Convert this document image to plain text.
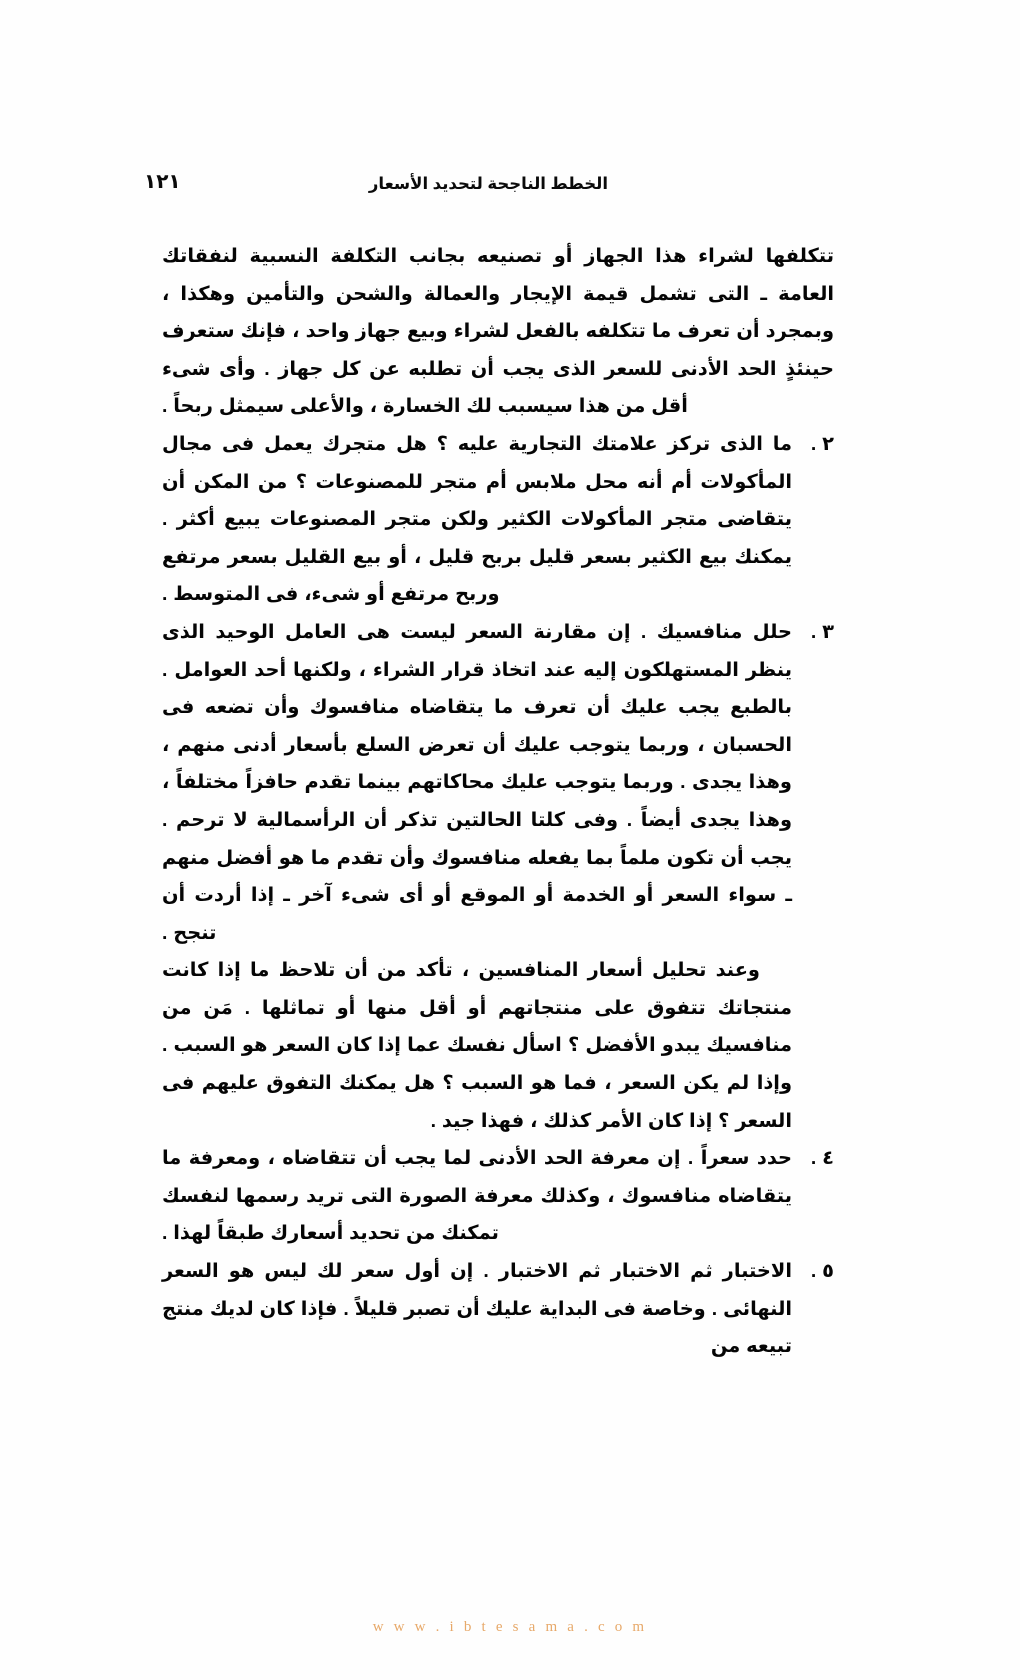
١٢١	الخطط الناجحة لتحديد الأسعار

تتكلفها لشراء هذا الجهاز أو تصنيعه بجانب التكلفة النسبية لنفقاتك العامة ـ التى تشمل قيمة الإيجار والعمالة والشحن والتأمين وهكذا ، وبمجرد أن تعرف ما تتكلفه بالفعل لشراء وبيع جهاز واحد ، فإنك ستعرف حينئذٍ الحد الأدنى للسعر الذى يجب أن تطلبه عن كل جهاز . وأى شىء أقل من هذا سيسبب لك الخسارة ، والأعلى سيمثل ربحاً .

٢ .
ما الذى تركز علامتك التجارية عليه ؟ هل متجرك يعمل فى مجال المأكولات أم أنه محل ملابس أم متجر للمصنوعات ؟ من المكن أن يتقاضى متجر المأكولات الكثير ولكن متجر المصنوعات يبيع أكثر . يمكنك بيع الكثير بسعر قليل بربح قليل ، أو بيع القليل بسعر مرتفع وربح مرتفع أو شىء، فى المتوسط .
٣ .
حلل منافسيك . إن مقارنة السعر ليست هى العامل الوحيد الذى ينظر المستهلكون إليه عند اتخاذ قرار الشراء ، ولكنها أحد العوامل . بالطبع يجب عليك أن تعرف ما يتقاضاه منافسوك وأن تضعه فى الحسبان ، وربما يتوجب عليك أن تعرض السلع بأسعار أدنى منهم ، وهذا يجدى . وربما يتوجب عليك محاكاتهم بينما تقدم حافزاً مختلفاً ، وهذا يجدى أيضاً . وفى كلتا الحالتين تذكر أن الرأسمالية لا ترحم . يجب أن تكون ملماً بما يفعله منافسوك وأن تقدم ما هو أفضل منهم ـ سواء السعر أو الخدمة أو الموقع أو أى شىء آخر ـ إذا أردت أن تنجح .
وعند تحليل أسعار المنافسين ، تأكد من أن تلاحظ ما إذا كانت منتجاتك تتفوق على منتجاتهم أو أقل منها أو تماثلها . مَن من منافسيك يبدو الأفضل ؟ اسأل نفسك عما إذا كان السعر هو السبب . وإذا لم يكن السعر ، فما هو السبب ؟ هل يمكنك التفوق عليهم فى السعر ؟ إذا كان الأمر كذلك ، فهذا جيد .
٤ .
حدد سعراً . إن معرفة الحد الأدنى لما يجب أن تتقاضاه ، ومعرفة ما يتقاضاه منافسوك ، وكذلك معرفة الصورة التى تريد رسمها لنفسك تمكنك من تحديد أسعارك طبقاً لهذا .
٥ .
الاختبار ثم الاختبار ثم الاختبار . إن أول سعر لك ليس هو السعر النهائى . وخاصة فى البداية عليك أن تصبر قليلاً . فإذا كان لديك منتج تبيعه من
w w w . i b t e s a m a . c o m
